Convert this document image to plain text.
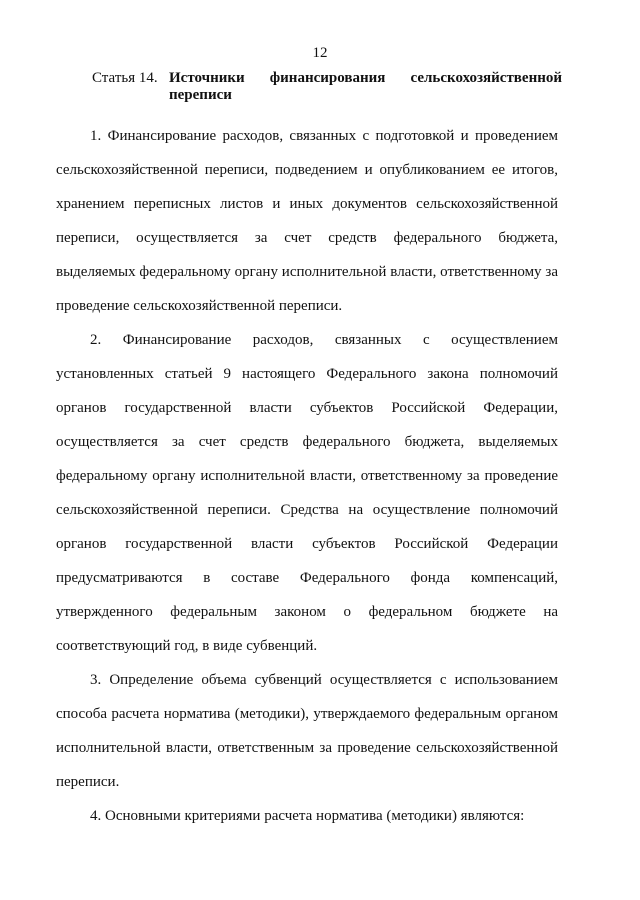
12
Статья 14. Источники финансирования сельскохозяйственной переписи

1. Финансирование расходов, связанных с подготовкой и проведением сельскохозяйственной переписи, подведением и опубликованием ее итогов, хранением переписных листов и иных документов сельскохозяйственной переписи, осуществляется за счет средств федерального бюджета, выделяемых федеральному органу исполнительной власти, ответственному за проведение сельскохозяйственной переписи.

2. Финансирование расходов, связанных с осуществлением установленных статьей 9 настоящего Федерального закона полномочий органов государственной власти субъектов Российской Федерации, осуществляется за счет средств федерального бюджета, выделяемых федеральному органу исполнительной власти, ответственному за проведение сельскохозяйственной переписи. Средства на осуществление полномочий органов государственной власти субъектов Российской Федерации предусматриваются в составе Федерального фонда компенсаций, утвержденного федеральным законом о федеральном бюджете на соответствующий год, в виде субвенций.

3. Определение объема субвенций осуществляется с использованием способа расчета норматива (методики), утверждаемого федеральным органом исполнительной власти, ответственным за проведение сельскохозяйственной переписи.

4. Основными критериями расчета норматива (методики) являются:
